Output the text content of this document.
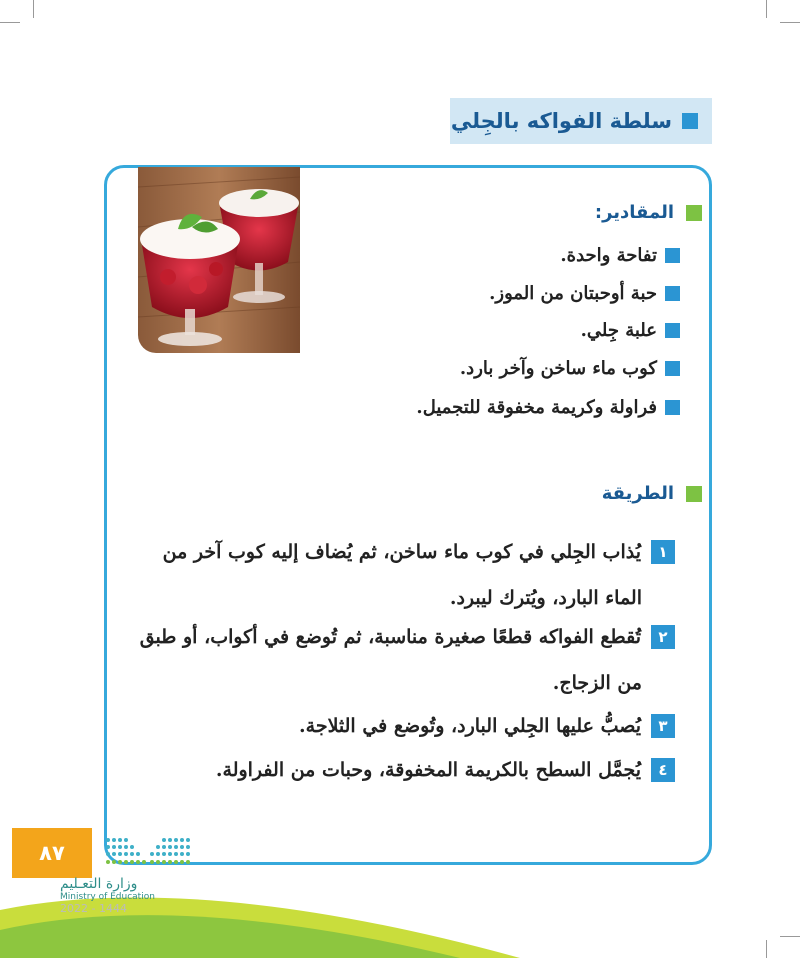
سلطة الفواكه بالجِلي
المقادير:
تفاحة واحدة.
حبة أوحبتان من الموز.
علبة جِلي.
كوب ماء ساخن وآخر بارد.
فراولة وكريمة مخفوقة للتجميل.
الطريقة
١
يُذاب الجِلي في كوب ماء ساخن، ثم يُضاف إليه كوب آخر من
الماء البارد، ويُترك ليبرد.
٢
تُقطع الفواكه قطعًا صغيرة مناسبة، ثم تُوضع في أكواب، أو طبق
من الزجاج.
٣
يُصبُّ عليها الجِلي البارد، وتُوضع في الثلاجة.
٤
يُجمَّل السطح بالكريمة المخفوقة، وحبات من الفراولة.
٨٧
وزارة التعـليم
Ministry of Education
2022 - 1444
